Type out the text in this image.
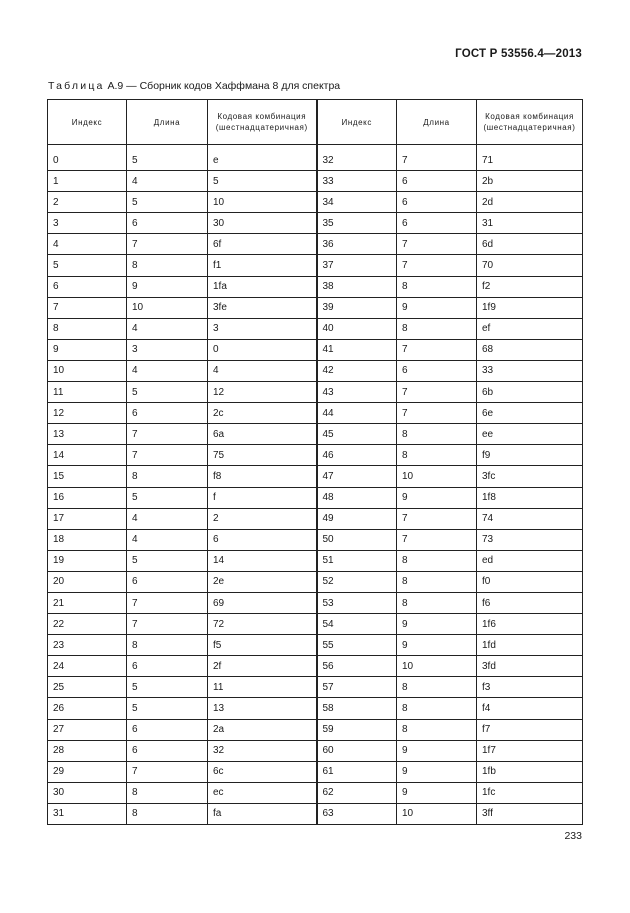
ГОСТ Р 53556.4—2013
Таблица А.9 — Сборник кодов Хаффмана 8 для спектра
Индекс	Длина	Кодовая комбинация (шестнадцатеричная)	Индекс	Длина	Кодовая комбинация (шестнадцатеричная)

0	5	e	32	7	71
1	4	5	33	6	2b
2	5	10	34	6	2d
3	6	30	35	6	31
4	7	6f	36	7	6d
5	8	f1	37	7	70
6	9	1fa	38	8	f2
7	10	3fe	39	9	1f9
8	4	3	40	8	ef
9	3	0	41	7	68
10	4	4	42	6	33
11	5	12	43	7	6b
12	6	2c	44	7	6e
13	7	6a	45	8	ee
14	7	75	46	8	f9
15	8	f8	47	10	3fc
16	5	f	48	9	1f8
17	4	2	49	7	74
18	4	6	50	7	73
19	5	14	51	8	ed
20	6	2e	52	8	f0
21	7	69	53	8	f6
22	7	72	54	9	1f6
23	8	f5	55	9	1fd
24	6	2f	56	10	3fd
25	5	11	57	8	f3
26	5	13	58	8	f4
27	6	2a	59	8	f7
28	6	32	60	9	1f7
29	7	6c	61	9	1fb
30	8	ec	62	9	1fc
31	8	fa	63	10	3ff
233
